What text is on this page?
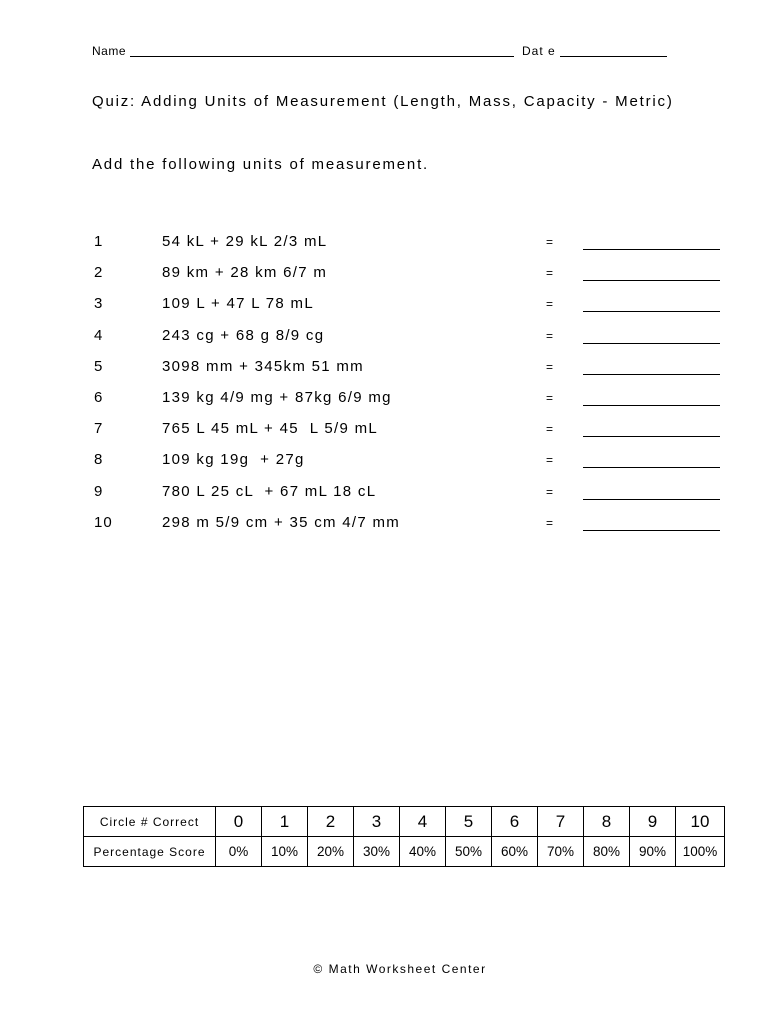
Name	Dat e
Quiz: Adding Units of Measurement (Length, Mass, Capacity - Metric)
Add the following units of measurement.
1	54 kL + 29 kL 2/3 mL	=
2	89 km + 28 km 6/7 m	=
3	109 L + 47 L 78 mL	=
4	243 cg + 68 g 8/9 cg	=
5	3098 mm + 345km 51 mm	=
6	139 kg 4/9 mg + 87kg 6/9 mg	=
7	765 L 45 mL + 45  L 5/9 mL	=
8	109 kg 19g  + 27g	=
9	780 L 25 cL  + 67 mL 18 cL	=
10	298 m 5/9 cm + 35 cm 4/7 mm	=
Circle # Correct	0	1	2	3	4	5	6	7	8	9	10
Percentage Score	0%	10%	20%	30%	40%	50%	60%	70%	80%	90%	100%
© Math Worksheet Center
